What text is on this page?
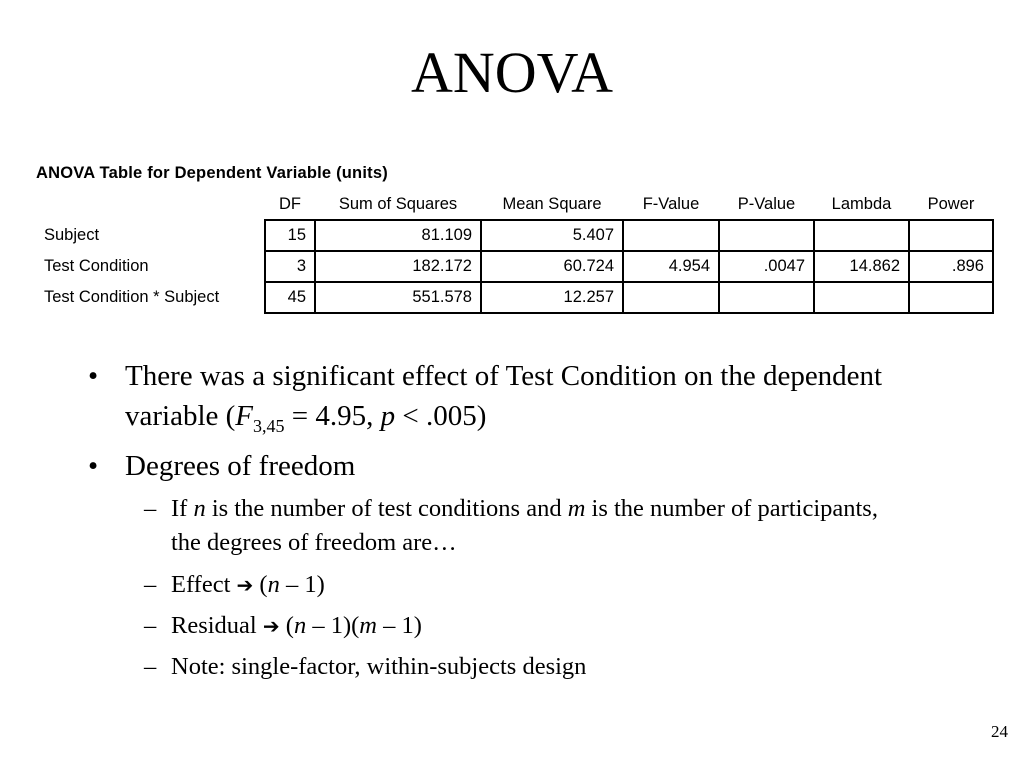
ANOVA
ANOVA Table for Dependent Variable (units)
	DF	Sum of Squares	Mean Square	F-Value	P-Value	Lambda	Power
Subject	15	81.109	5.407				
Test Condition	3	182.172	60.724	4.954	.0047	14.862	.896
Test Condition * Subject	45	551.578	12.257				
• There was a significant effect of Test Condition on the dependent variable ($F_{3,45} = 4.95$, p < .005)
• Degrees of freedom
– If n is the number of test conditions and m is the number of participants, the degrees of freedom are…
– Effect ➔ (n – 1)
– Residual ➔ (n – 1)(m – 1)
– Note: single-factor, within-subjects design
24
